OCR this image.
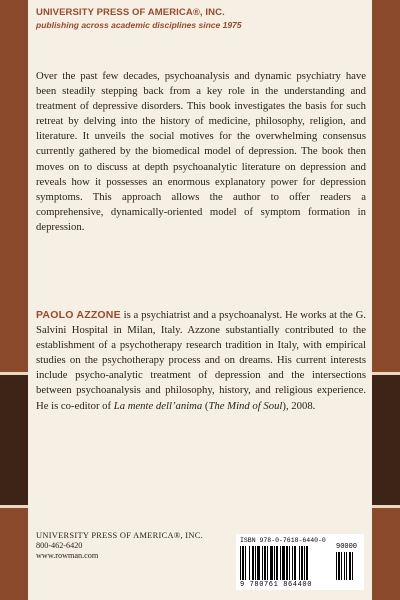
UNIVERSITY PRESS OF AMERICA®, INC.
publishing across academic disciplines since 1975

Over the past few decades, psychoanalysis and dynamic psychiatry have been steadily stepping back from a key role in the understanding and treatment of depressive disorders. This book investigates the basis for such retreat by delving into the history of medicine, philosophy, religion, and literature. It unveils the social motives for the overwhelming consensus currently gathered by the biomedical model of depression. The book then moves on to discuss at depth psychoanalytic literature on depression and reveals how it possesses an enormous explanatory power for depression symptoms. This approach allows the author to offer readers a comprehensive, dynamically-oriented model of symptom formation in depression.

PAOLO AZZONE is a psychiatrist and a psychoanalyst. He works at the G. Salvini Hospital in Milan, Italy. Azzone substantially contributed to the establishment of a psychotherapy research tradition in Italy, with empirical studies on the psychotherapy process and on dreams. His current interests include psycho-analytic treatment of depression and the intersections between psychoanalysis and philosophy, history, and religious experience. He is co-editor of La mente dell’anima (The Mind of Soul), 2008.

UNIVERSITY PRESS OF AMERICA®, INC.
800-462-6420
www.rowman.com
ISBN 978-0-7618-6440-0
90000
9 780761 864400
